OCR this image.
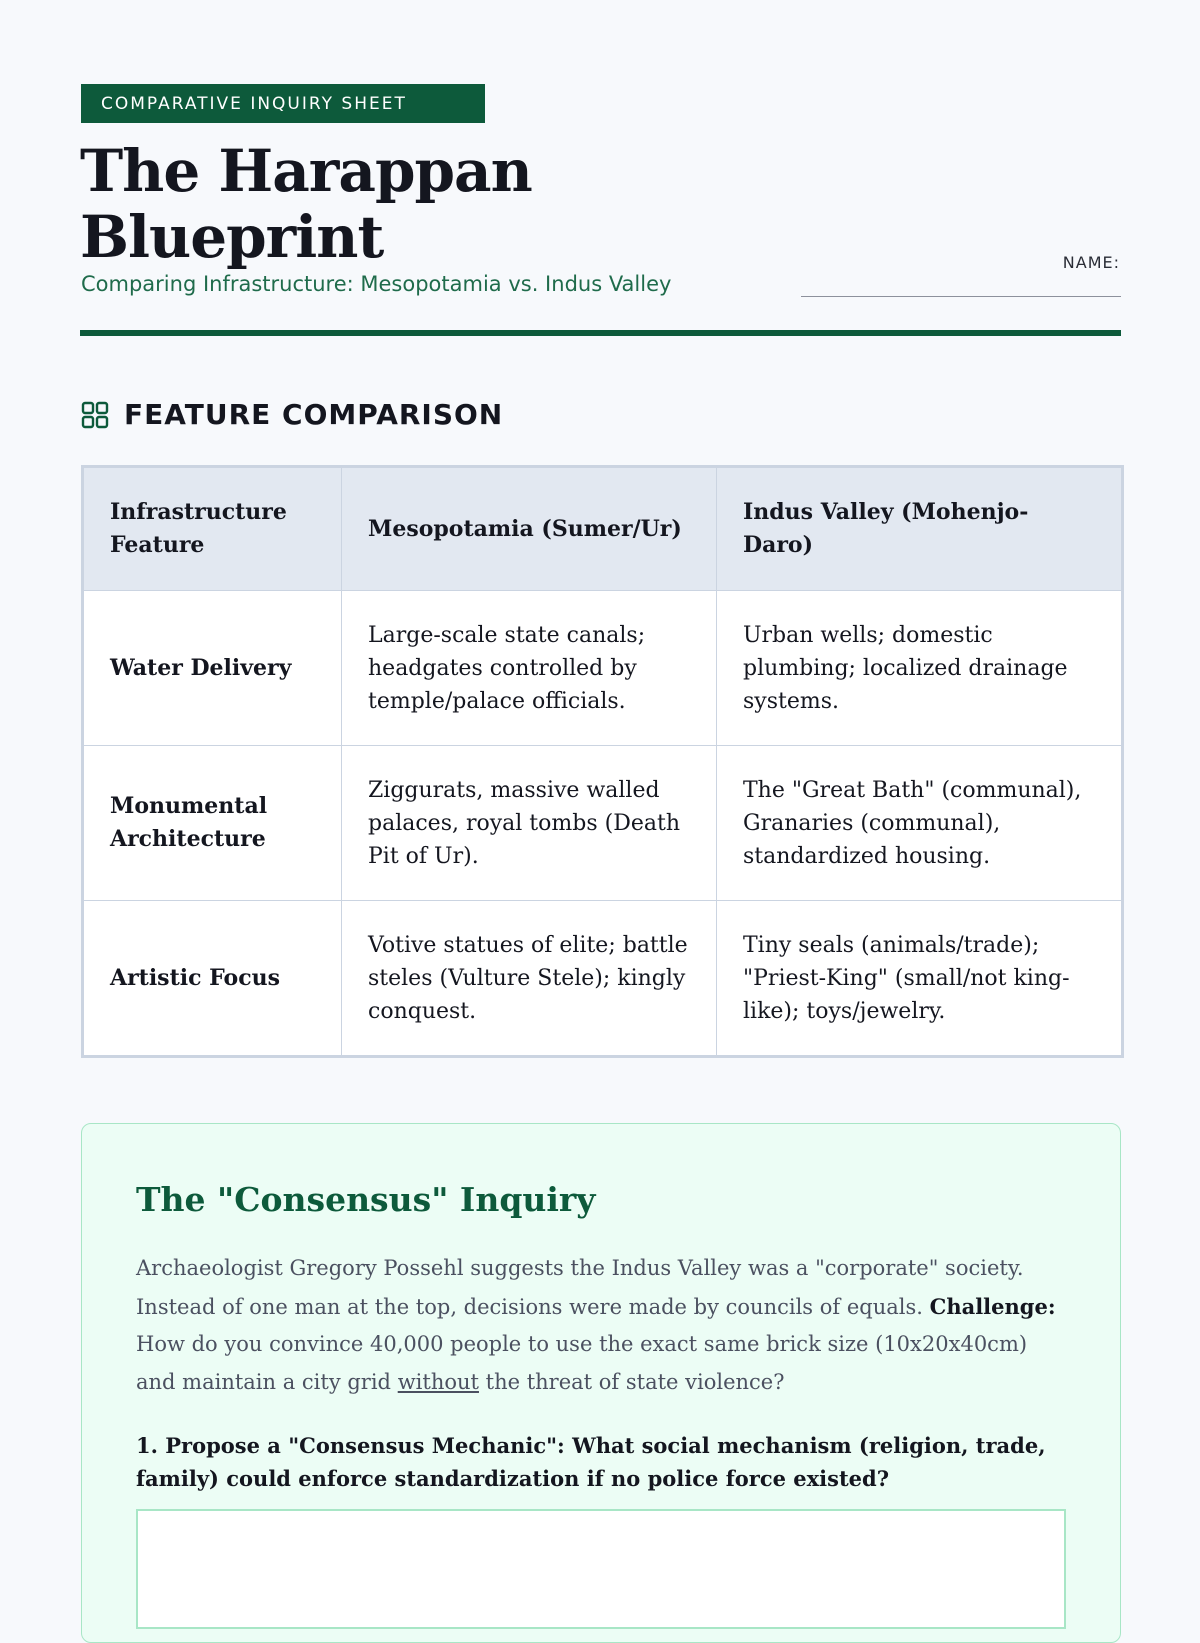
COMPARATIVE INQUIRY SHEET
The Harappan Blueprint

Comparing Infrastructure: Mesopotamia vs. Indus Valley

NAME:
FEATURE COMPARISON
Infrastructure Feature	Mesopotamia (Sumer/Ur)	Indus Valley (Mohenjo-Daro)
Water Delivery	Large-scale state canals; headgates controlled by temple/palace officials.	Urban wells; domestic plumbing; localized drainage systems.
Monumental Architecture	Ziggurats, massive walled palaces, royal tombs (Death Pit of Ur).	The "Great Bath" (communal), Granaries (communal), standardized housing.
Artistic Focus	Votive statues of elite; battle steles (Vulture Stele); kingly conquest.	Tiny seals (animals/trade); "Priest-King" (small/not king-like); toys/jewelry.
The "Consensus" Inquiry

Archaeologist Gregory Possehl suggests the Indus Valley was a "corporate" society. Instead of one man at the top, decisions were made by councils of equals. Challenge: How do you convince 40,000 people to use the exact same brick size (10x20x40cm) and maintain a city grid without the threat of state violence?

1. Propose a "Consensus Mechanic": What social mechanism (religion, trade, family) could enforce standardization if no police force existed?
